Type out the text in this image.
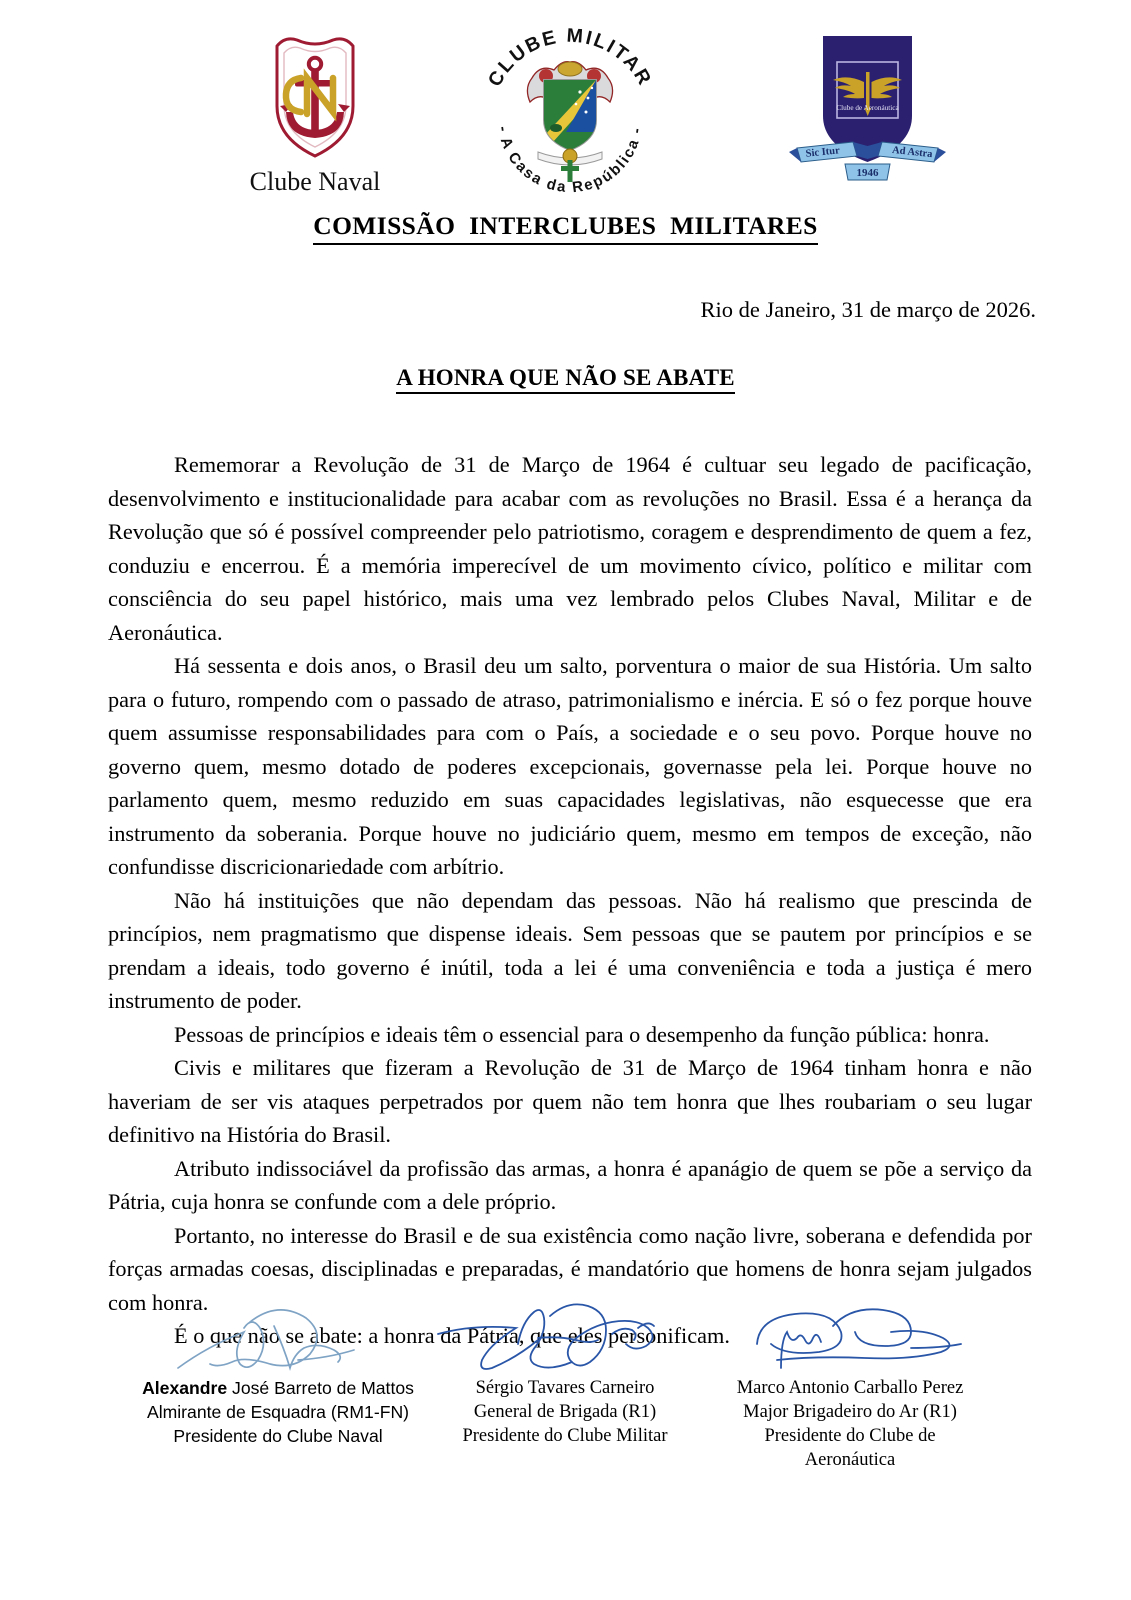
Clube Naval
CLUBE MILITAR
- A Casa da República -
Clube de Aeronáutica
Sic Itur	Ad Astra
1946
COMISSÃO INTERCLUBES MILITARES
Rio de Janeiro, 31 de março de 2026.
A HONRA QUE NÃO SE ABATE

Rememorar a Revolução de 31 de Março de 1964 é cultuar seu legado de pacificação, desenvolvimento e institucionalidade para acabar com as revoluções no Brasil. Essa é a herança da Revolução que só é possível compreender pelo patriotismo, coragem e desprendimento de quem a fez, conduziu e encerrou. É a memória imperecível de um movimento cívico, político e militar com consciência do seu papel histórico, mais uma vez lembrado pelos Clubes Naval, Militar e de Aeronáutica.

Há sessenta e dois anos, o Brasil deu um salto, porventura o maior de sua História. Um salto para o futuro, rompendo com o passado de atraso, patrimonialismo e inércia. E só o fez porque houve quem assumisse responsabilidades para com o País, a sociedade e o seu povo. Porque houve no governo quem, mesmo dotado de poderes excepcionais, governasse pela lei. Porque houve no parlamento quem, mesmo reduzido em suas capacidades legislativas, não esquecesse que era instrumento da soberania. Porque houve no judiciário quem, mesmo em tempos de exceção, não confundisse discricionariedade com arbítrio.

Não há instituições que não dependam das pessoas. Não há realismo que prescinda de princípios, nem pragmatismo que dispense ideais. Sem pessoas que se pautem por princípios e se prendam a ideais, todo governo é inútil, toda a lei é uma conveniência e toda a justiça é mero instrumento de poder.

Pessoas de princípios e ideais têm o essencial para o desempenho da função pública: honra.

Civis e militares que fizeram a Revolução de 31 de Março de 1964 tinham honra e não haveriam de ser vis ataques perpetrados por quem não tem honra que lhes roubariam o seu lugar definitivo na História do Brasil.

Atributo indissociável da profissão das armas, a honra é apanágio de quem se põe a serviço da Pátria, cuja honra se confunde com a dele próprio.

Portanto, no interesse do Brasil e de sua existência como nação livre, soberana e defendida por forças armadas coesas, disciplinadas e preparadas, é mandatório que homens de honra sejam julgados com honra.

É o que não se abate: a honra da Pátria, que eles personificam.

Alexandre José Barreto de Mattos
Almirante de Esquadra (RM1-FN)
Presidente do Clube Naval
Sérgio Tavares Carneiro
General de Brigada (R1)
Presidente do Clube Militar
Marco Antonio Carballo Perez
Major Brigadeiro do Ar (R1)
Presidente do Clube de
Aeronáutica
